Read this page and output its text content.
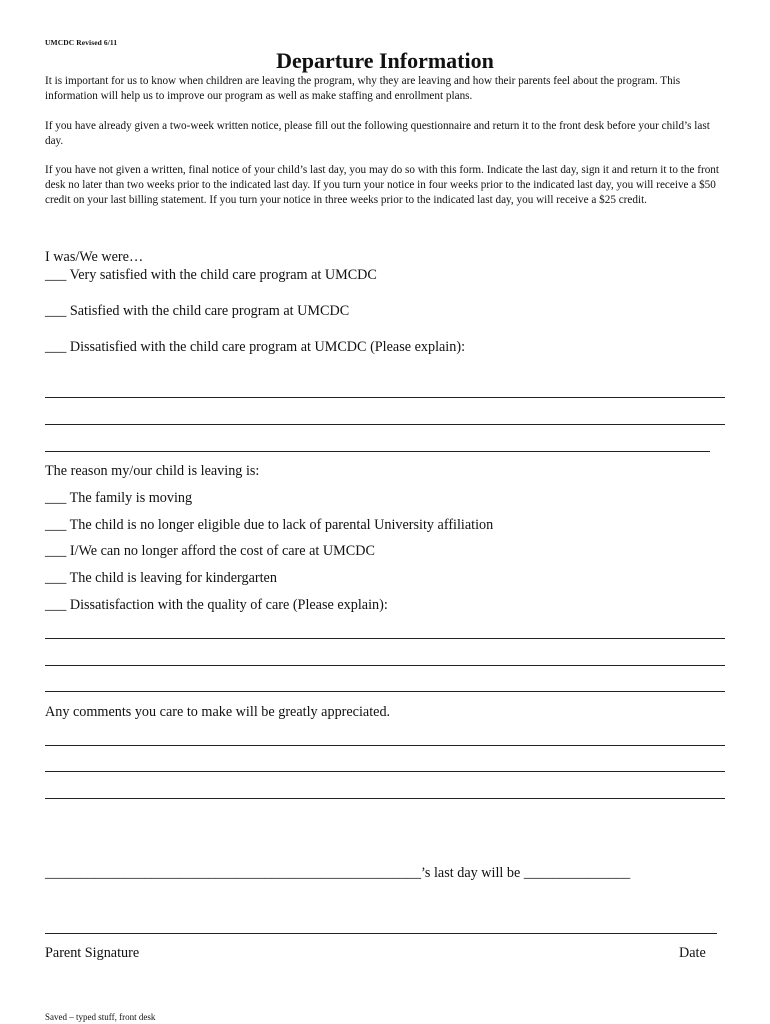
UMCDC Revised 6/11
Departure Information
It is important for us to know when children are leaving the program, why they are leaving and how their parents feel about the program. This information will help us to improve our program as well as make staffing and enrollment plans.
If you have already given a two-week written notice, please fill out the following questionnaire and return it to the front desk before your child’s last day.
If you have not given a written, final notice of your child’s last day, you may do so with this form. Indicate the last day, sign it and return it to the front desk no later than two weeks prior to the indicated last day. If you turn your notice in four weeks prior to the indicated last day, you will receive a $50 credit on your last billing statement. If you turn your notice in three weeks prior to the indicated last day, you will receive a $25 credit.
I was/We were…
___ Very satisfied with the child care program at UMCDC
___ Satisfied with the child care program at UMCDC
___ Dissatisfied with the child care program at UMCDC (Please explain):
The reason my/our child is leaving is:
___ The family is moving
___ The child is no longer eligible due to lack of parental University affiliation
___ I/We can no longer afford the cost of care at UMCDC
___ The child is leaving for kindergarten
___ Dissatisfaction with the quality of care (Please explain):
Any comments you care to make will be greatly appreciated.
_____________________________________________________’s last day will be _______________
Parent Signature	Date
Saved – typed stuff, front desk
